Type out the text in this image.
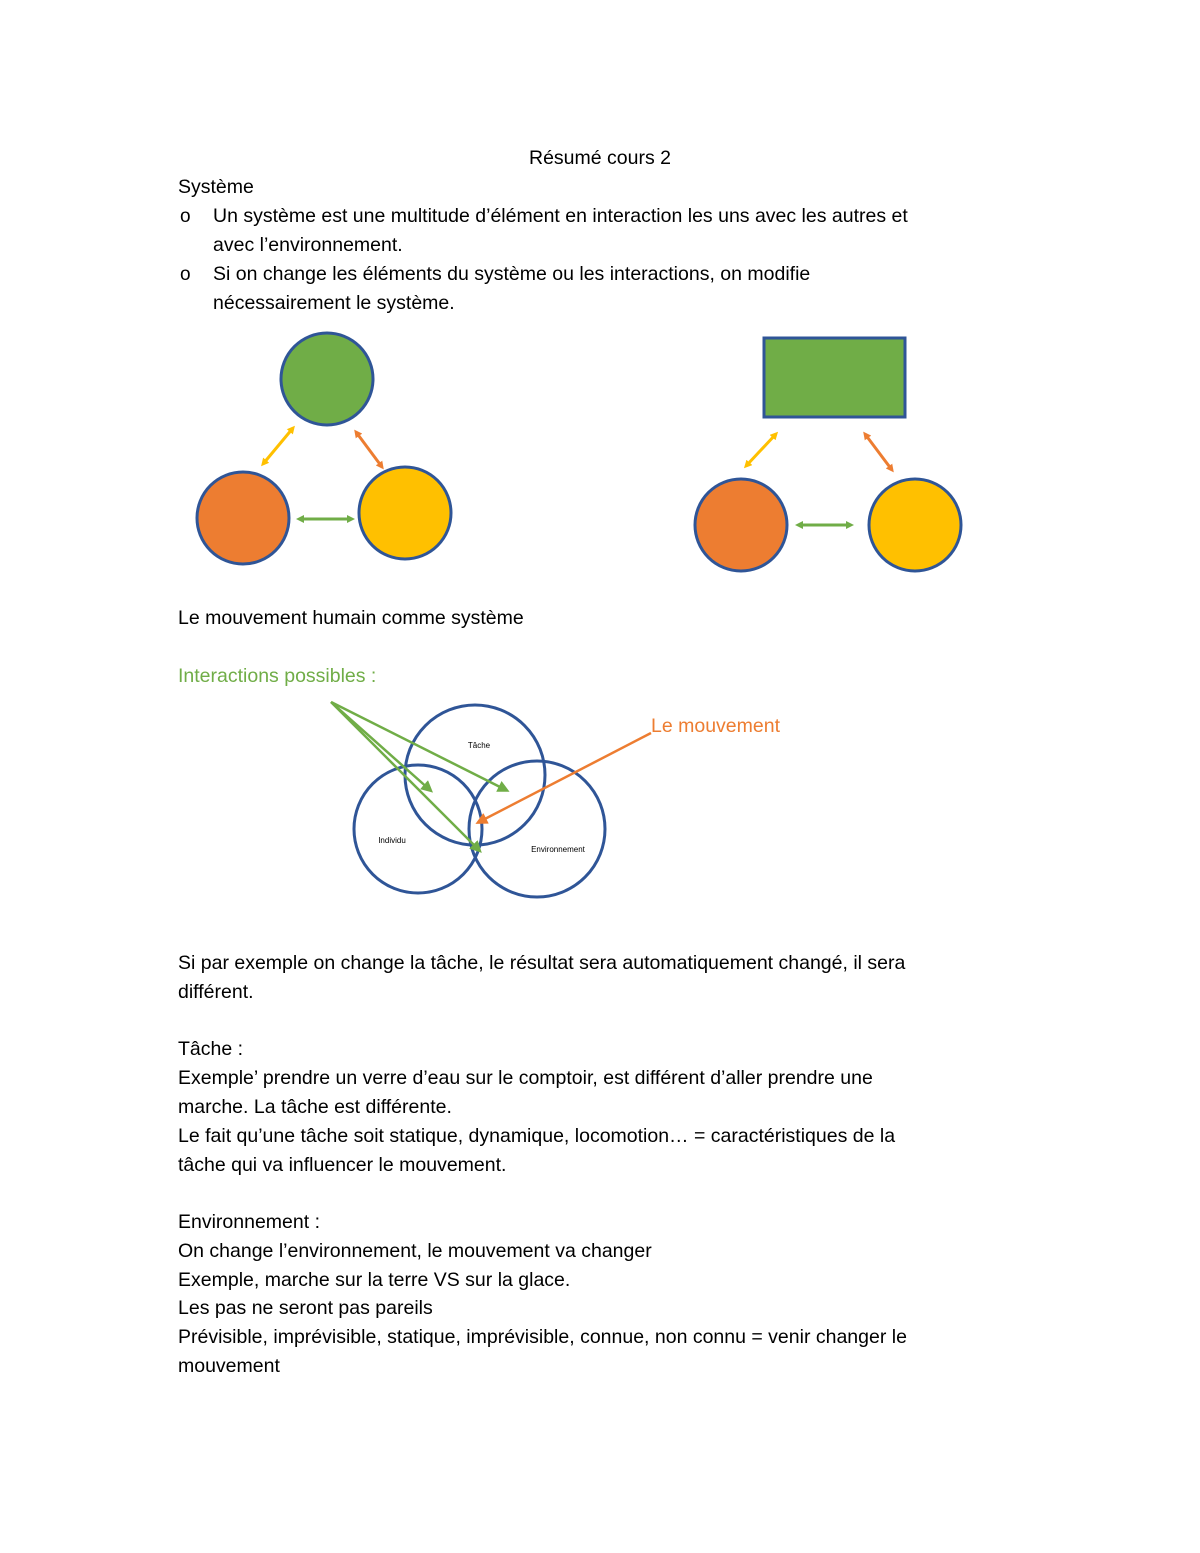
Résumé cours 2
Système
o Un système est une multitude d’élément en interaction les uns avec les autres et
avec l’environnement.
o Si on change les éléments du système ou les interactions, on modifie
nécessairement le système.
Tâche
Individu
Environnement
Le mouvement humain comme système
Interactions possibles :
Le mouvement
Si par exemple on change la tâche, le résultat sera automatiquement changé, il sera
différent.
Tâche :
Exemple’ prendre un verre d’eau sur le comptoir, est différent d’aller prendre une
marche. La tâche est différente.
Le fait qu’une tâche soit statique, dynamique, locomotion… = caractéristiques de la
tâche qui va influencer le mouvement.
Environnement :
On change l’environnement, le mouvement va changer
Exemple, marche sur la terre VS sur la glace.
Les pas ne seront pas pareils
Prévisible, imprévisible, statique, imprévisible, connue, non connu = venir changer le
mouvement
